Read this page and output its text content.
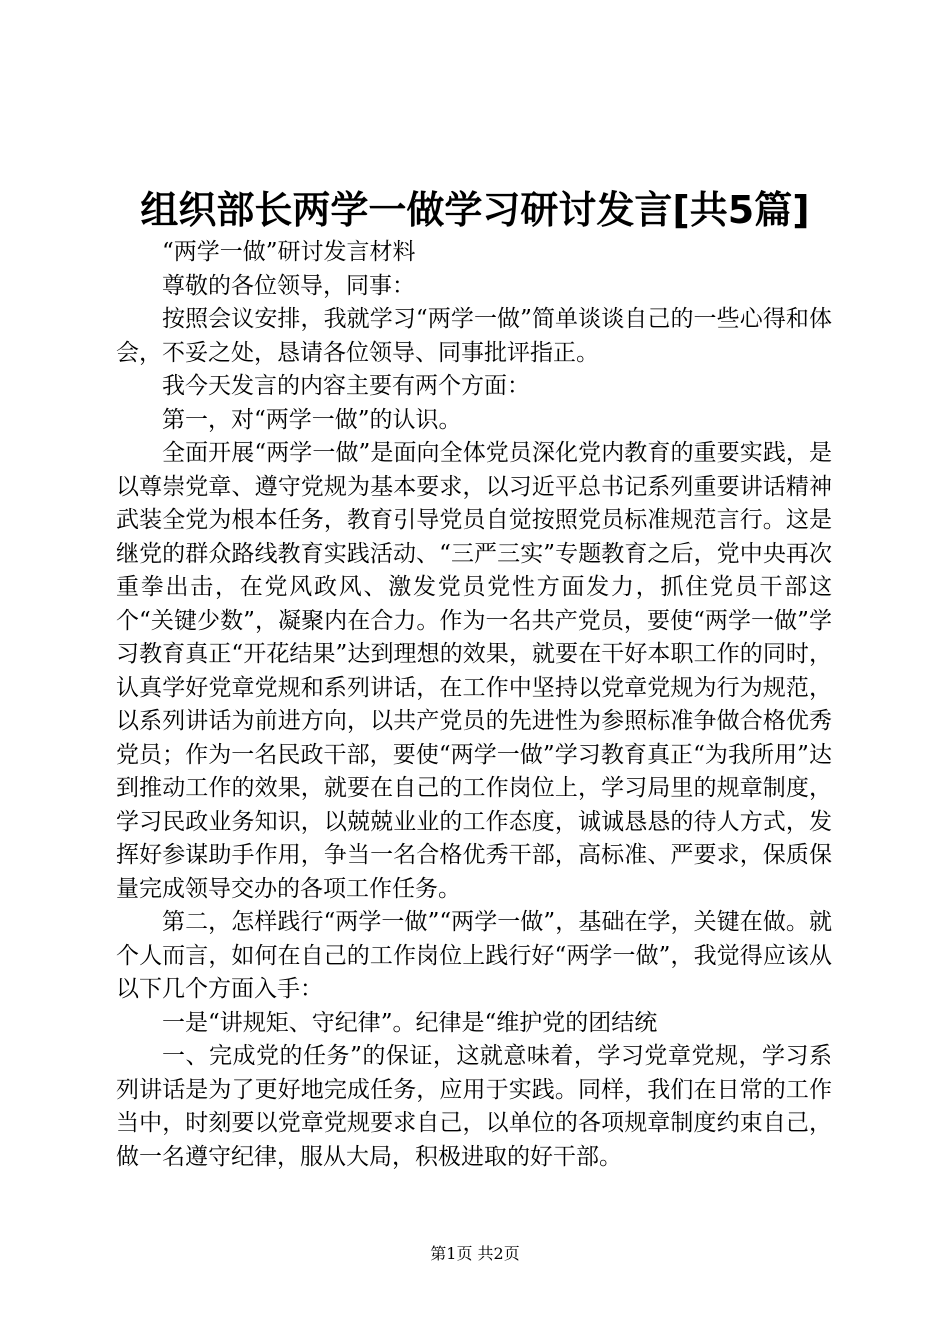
组织部长两学一做学习研讨发言[共5篇]

“两学一做”研讨发言材料

尊敬的各位领导，同事：

按照会议安排，我就学习“两学一做”简单谈谈自己的一些心得和体会，不妥之处，恳请各位领导、同事批评指正。

我今天发言的内容主要有两个方面：

第一，对“两学一做”的认识。

全面开展“两学一做”是面向全体党员深化党内教育的重要实践，是以尊崇党章、遵守党规为基本要求，以习近平总书记系列重要讲话精神武装全党为根本任务，教育引导党员自觉按照党员标准规范言行。这是继党的群众路线教育实践活动、“三严三实”专题教育之后，党中央再次重拳出击，在党风政风、激发党员党性方面发力，抓住党员干部这个“关键少数”，凝聚内在合力。作为一名共产党员，要使“两学一做”学习教育真正“开花结果”达到理想的效果，就要在干好本职工作的同时，认真学好党章党规和系列讲话，在工作中坚持以党章党规为行为规范，以系列讲话为前进方向，以共产党员的先进性为参照标准争做合格优秀党员；作为一名民政干部，要使“两学一做”学习教育真正“为我所用”达到推动工作的效果，就要在自己的工作岗位上，学习局里的规章制度，学习民政业务知识，以兢兢业业的工作态度，诚诚恳恳的待人方式，发挥好参谋助手作用，争当一名合格优秀干部，高标准、严要求，保质保量完成领导交办的各项工作任务。

第二，怎样践行“两学一做”“两学一做”，基础在学，关键在做。就个人而言，如何在自己的工作岗位上践行好“两学一做”，我觉得应该从以下几个方面入手：

一是“讲规矩、守纪律”。纪律是“维护党的团结统

一、完成党的任务”的保证，这就意味着，学习党章党规，学习系列讲话是为了更好地完成任务，应用于实践。同样，我们在日常的工作当中，时刻要以党章党规要求自己，以单位的各项规章制度约束自己，做一名遵守纪律，服从大局，积极进取的好干部。

第1页 共2页
